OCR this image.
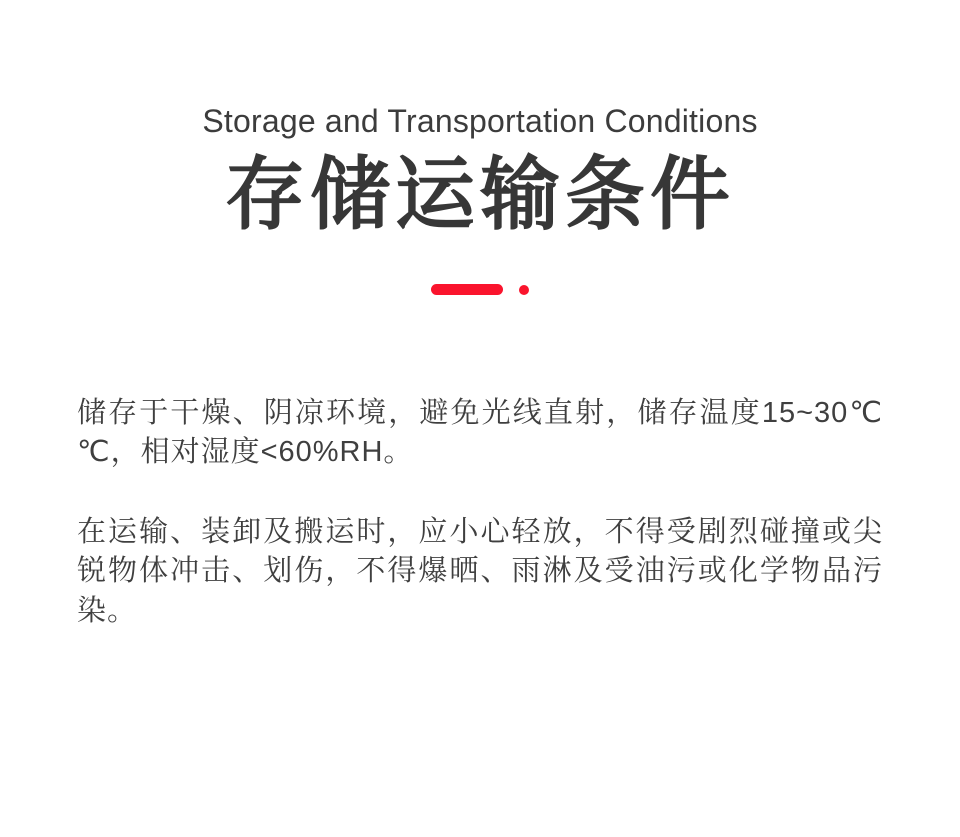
Storage and Transportation Conditions
存储运输条件

储存于干燥、阴凉环境，避免光线直射，储存温度15~30℃℃，相对湿度<60%RH。

在运输、装卸及搬运时，应小心轻放，不得受剧烈碰撞或尖锐物体冲击、划伤，不得爆晒、雨淋及受油污或化学物品污染。
